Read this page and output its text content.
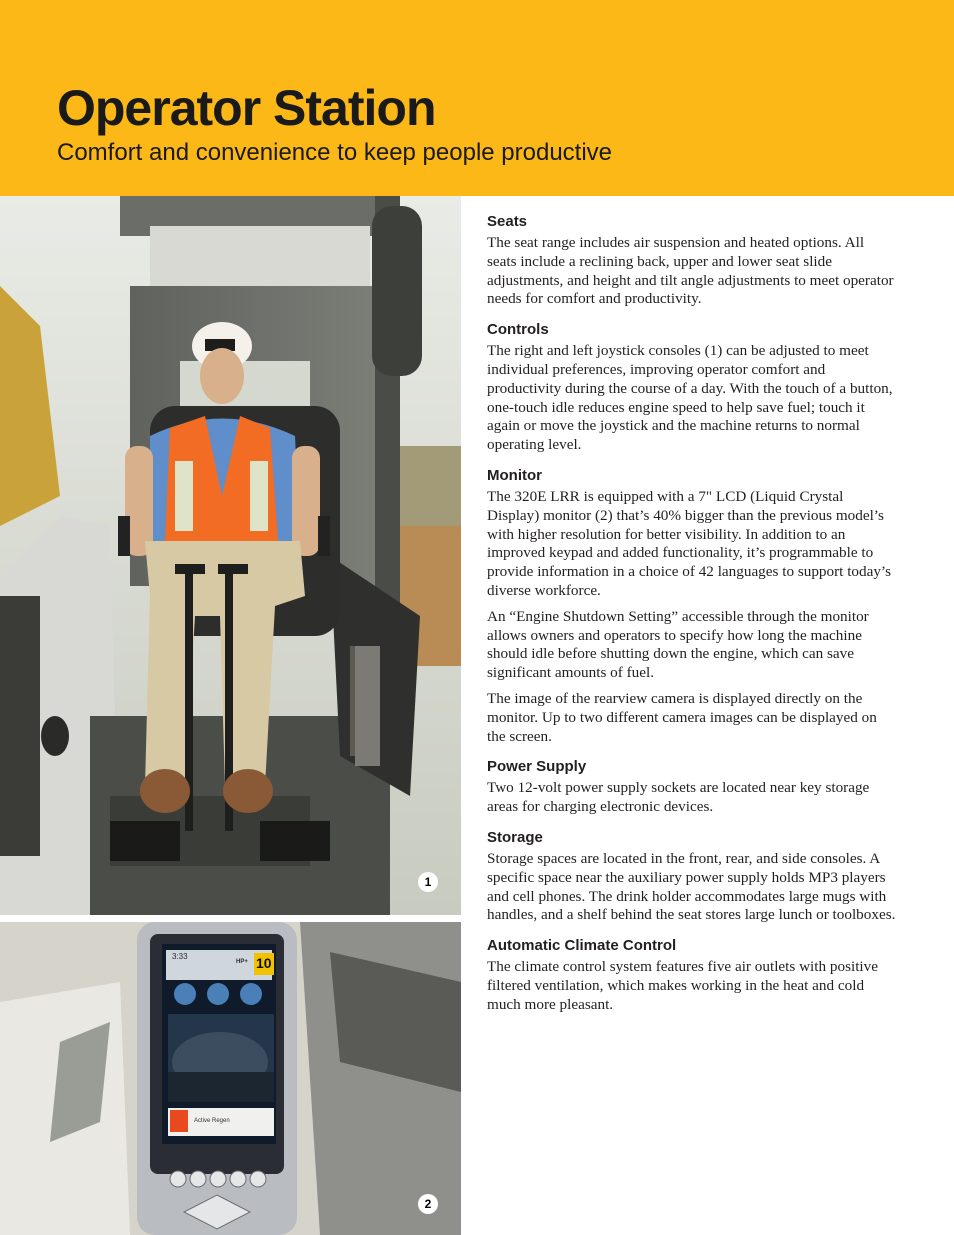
Operator Station
Comfort and convenience to keep people productive
1
3:33
HP+ 10
Active Regen
2
Seats

The seat range includes air suspension and heated options. All seats include a reclining back, upper and lower seat slide adjustments, and height and tilt angle adjustments to meet operator needs for comfort and productivity.

Controls

The right and left joystick consoles (1) can be adjusted to meet individual preferences, improving operator comfort and productivity during the course of a day. With the touch of a button, one-touch idle reduces engine speed to help save fuel; touch it again or move the joystick and the machine returns to normal operating level.

Monitor

The 320E LRR is equipped with a 7" LCD (Liquid Crystal Display) monitor (2) that’s 40% bigger than the previous model’s with higher resolution for better visibility. In addition to an improved keypad and added functionality, it’s programmable to provide information in a choice of 42 languages to support today’s diverse workforce.

An “Engine Shutdown Setting” accessible through the monitor allows owners and operators to specify how long the machine should idle before shutting down the engine, which can save significant amounts of fuel.

The image of the rearview camera is displayed directly on the monitor. Up to two different camera images can be displayed on the screen.

Power Supply

Two 12-volt power supply sockets are located near key storage areas for charging electronic devices.

Storage

Storage spaces are located in the front, rear, and side consoles. A specific space near the auxiliary power supply holds MP3 players and cell phones. The drink holder accommodates large mugs with handles, and a shelf behind the seat stores large lunch or toolboxes.

Automatic Climate Control

The climate control system features five air outlets with positive filtered ventilation, which makes working in the heat and cold much more pleasant.
